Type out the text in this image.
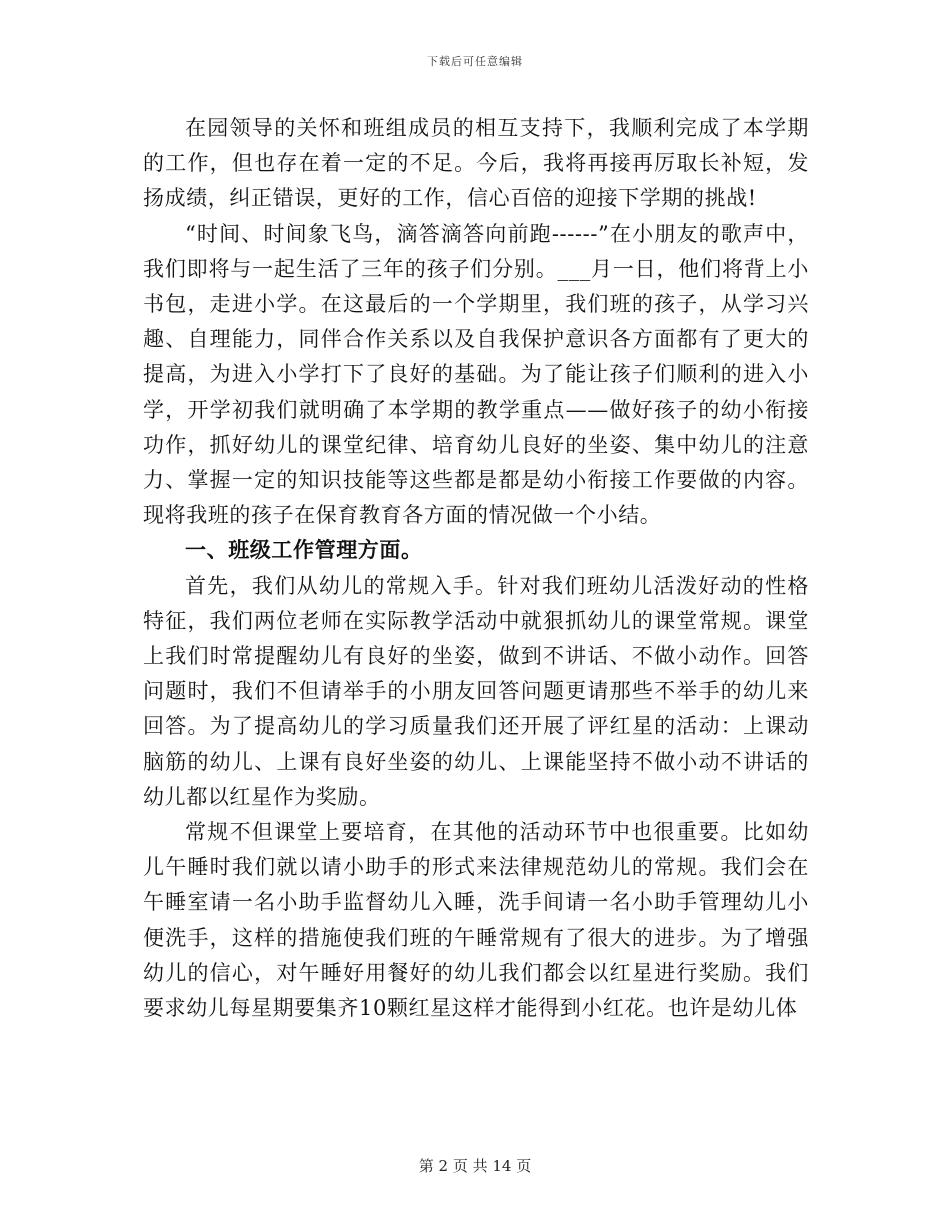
下载后可任意编辑

在园领导的关怀和班组成员的相互支持下，我顺利完成了本学期的工作，但也存在着一定的不足。今后，我将再接再厉取长补短，发扬成绩，纠正错误，更好的工作，信心百倍的迎接下学期的挑战!

“时间、时间象飞鸟，滴答滴答向前跑------”在小朋友的歌声中，我们即将与一起生活了三年的孩子们分别。___月一日，他们将背上小书包，走进小学。在这最后的一个学期里，我们班的孩子，从学习兴趣、自理能力，同伴合作关系以及自我保护意识各方面都有了更大的提高，为进入小学打下了良好的基础。为了能让孩子们顺利的进入小学，开学初我们就明确了本学期的教学重点——做好孩子的幼小衔接功作，抓好幼儿的课堂纪律、培育幼儿良好的坐姿、集中幼儿的注意力、掌握一定的知识技能等这些都是都是幼小衔接工作要做的内容。现将我班的孩子在保育教育各方面的情况做一个小结。

一、班级工作管理方面。

首先，我们从幼儿的常规入手。针对我们班幼儿活泼好动的性格特征，我们两位老师在实际教学活动中就狠抓幼儿的课堂常规。课堂上我们时常提醒幼儿有良好的坐姿，做到不讲话、不做小动作。回答问题时，我们不但请举手的小朋友回答问题更请那些不举手的幼儿来回答。为了提高幼儿的学习质量我们还开展了评红星的活动：上课动脑筋的幼儿、上课有良好坐姿的幼儿、上课能坚持不做小动不讲话的幼儿都以红星作为奖励。

常规不但课堂上要培育，在其他的活动环节中也很重要。比如幼儿午睡时我们就以请小助手的形式来法律规范幼儿的常规。我们会在午睡室请一名小助手监督幼儿入睡，洗手间请一名小助手管理幼儿小便洗手，这样的措施使我们班的午睡常规有了很大的进步。为了增强幼儿的信心，对午睡好用餐好的幼儿我们都会以红星进行奖励。我们要求幼儿每星期要集齐10颗红星这样才能得到小红花。也许是幼儿体

第 2 页 共 14 页
